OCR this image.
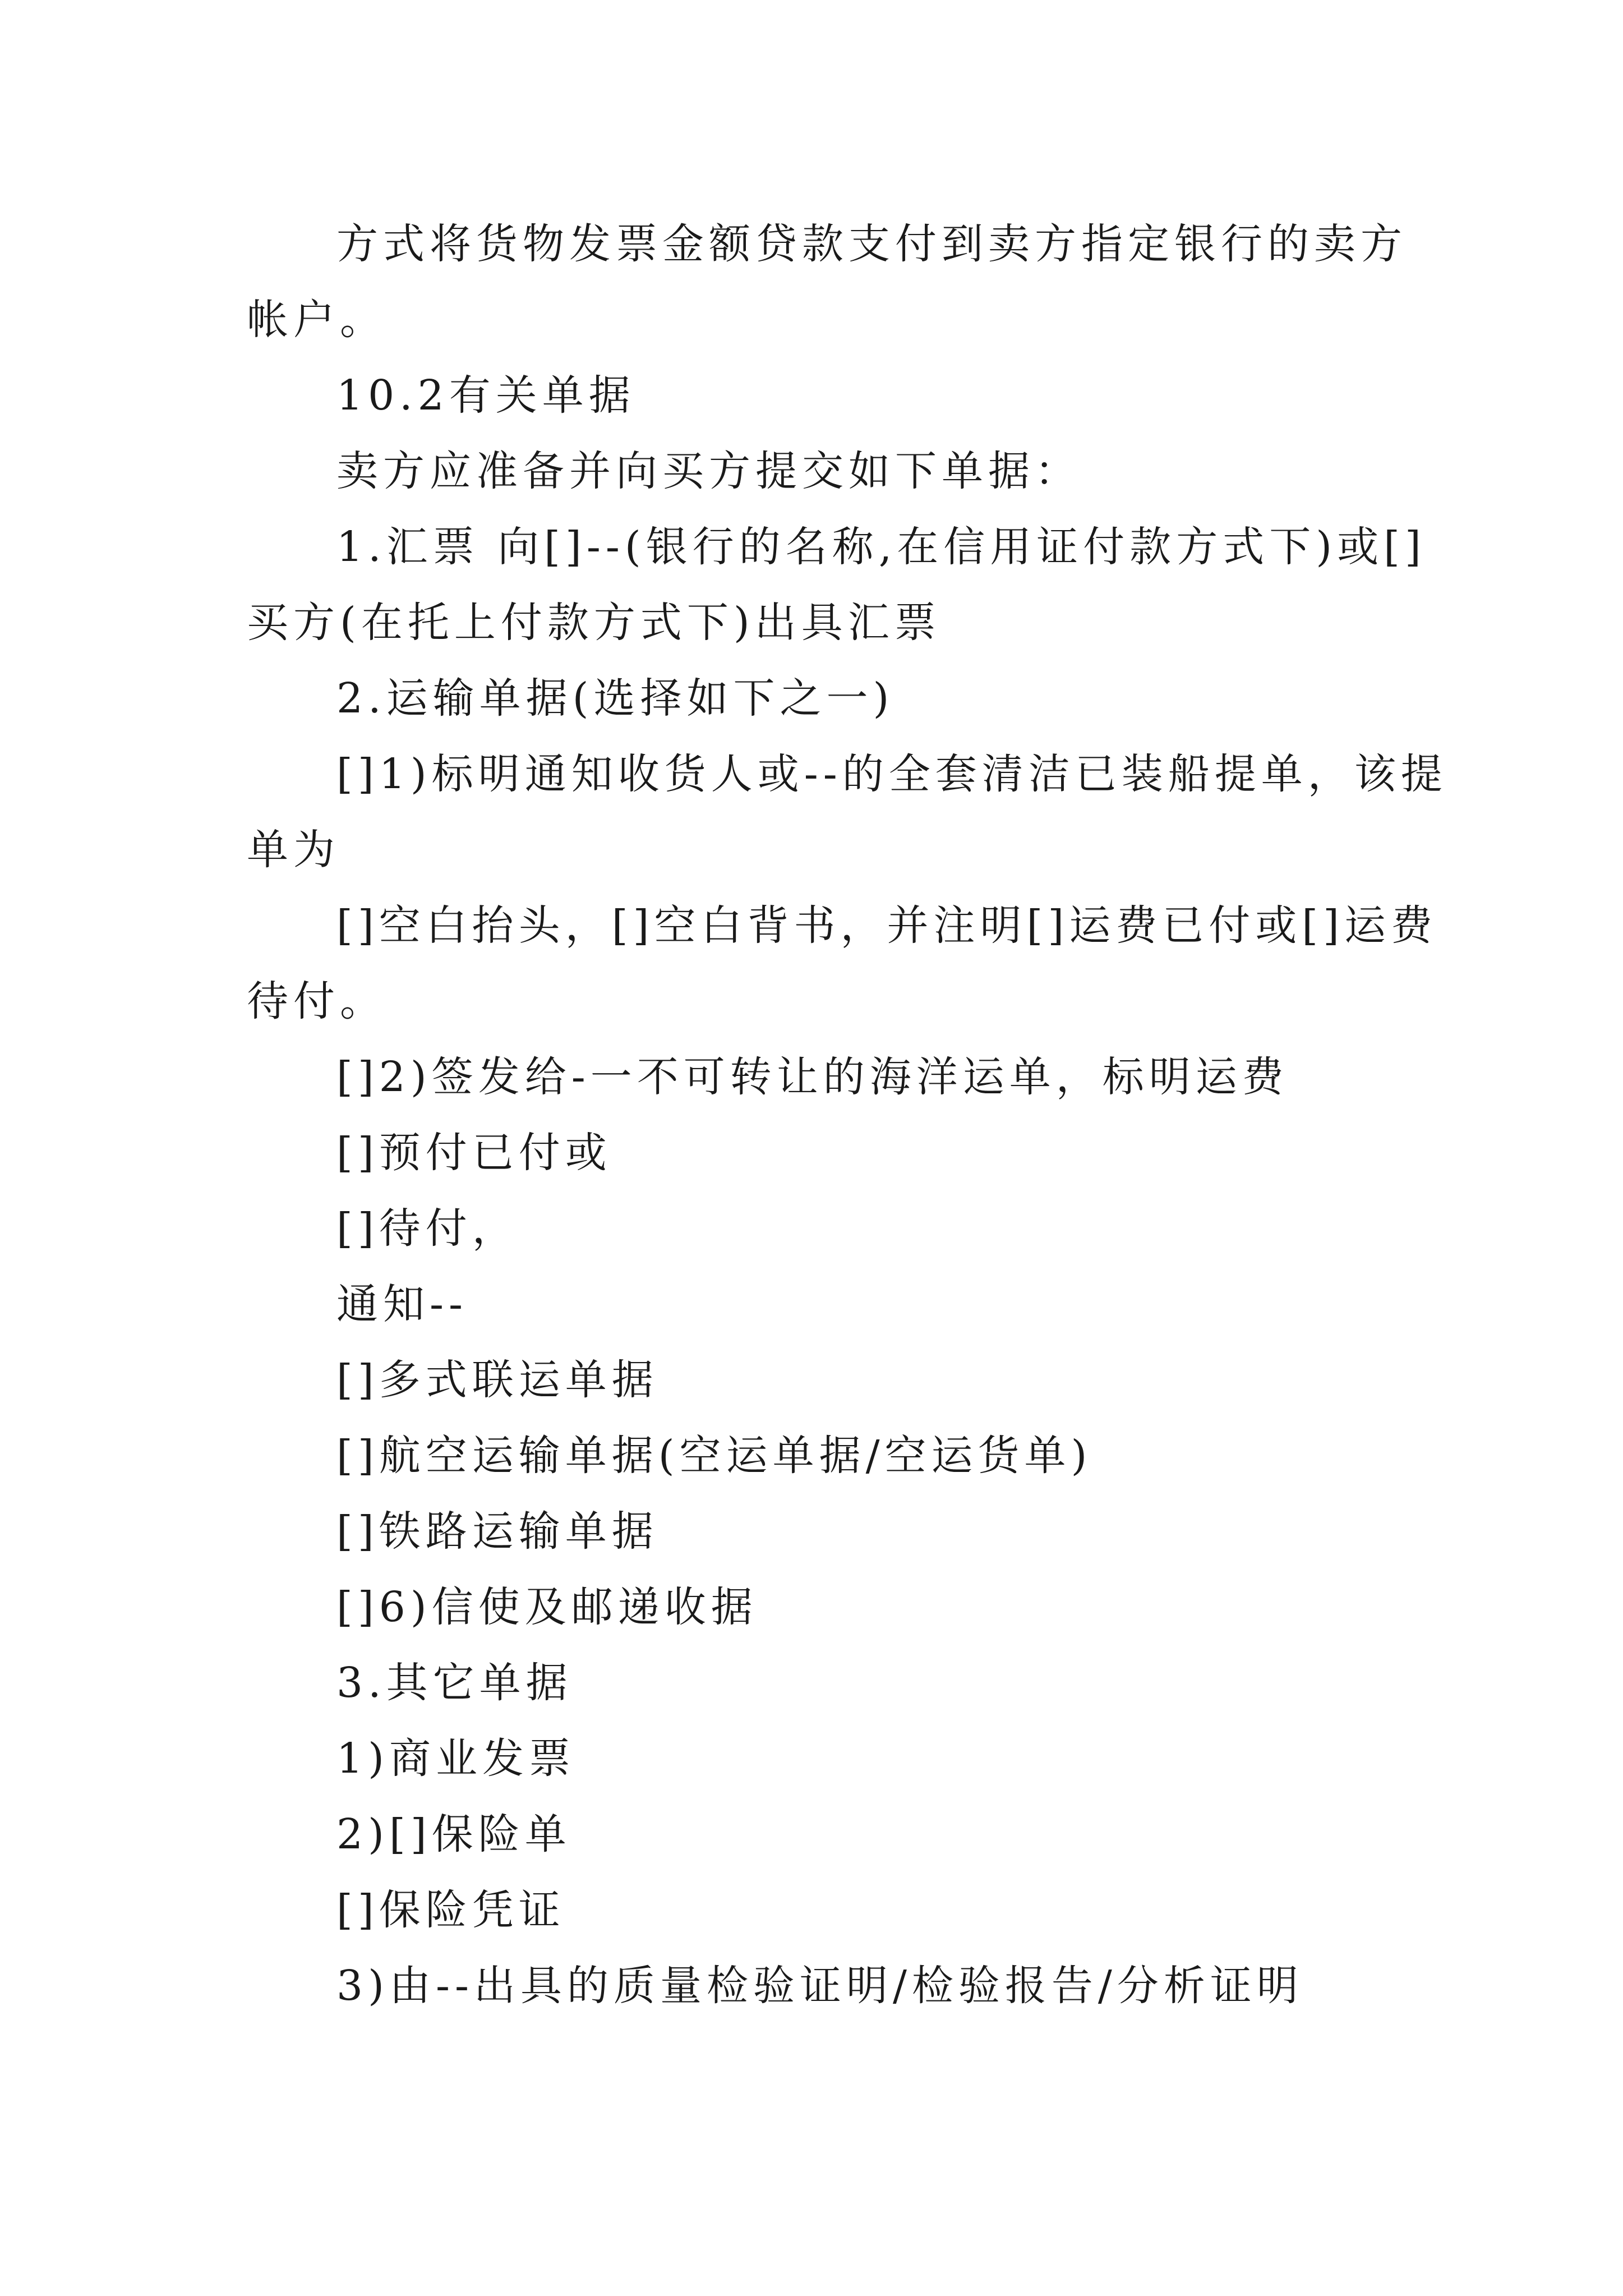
方式将货物发票金额贷款支付到卖方指定银行的卖方
帐户。
10.2有关单据
卖方应准备并向买方提交如下单据：
1.汇票 向[]--(银行的名称,在信用证付款方式下)或[]
买方(在托上付款方式下)出具汇票
2.运输单据(选择如下之一)
[]1)标明通知收货人或--的全套清洁已装船提单，该提
单为
[]空白抬头，[]空白背书，并注明[]运费已付或[]运费
待付。
[]2)签发给-一不可转让的海洋运单，标明运费
[]预付已付或
[]待付，
通知--
[]多式联运单据
[]航空运输单据(空运单据/空运货单)
[]铁路运输单据
[]6)信使及邮递收据
3.其它单据
1)商业发票
2)[]保险单
[]保险凭证
3)由--出具的质量检验证明/检验报告/分析证明
